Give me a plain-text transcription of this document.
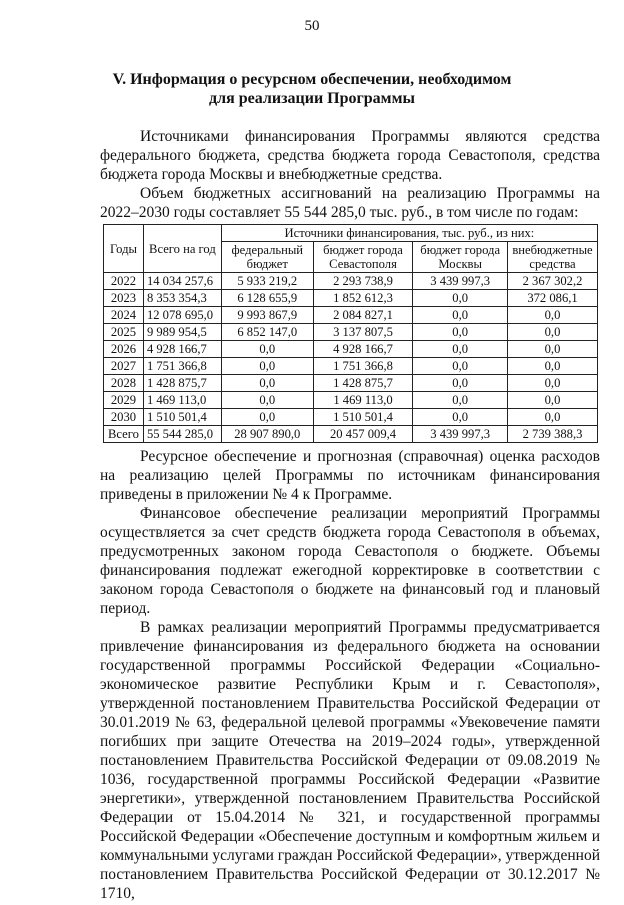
50
V. Информация о ресурсном обеспечении, необходимом
для реализации Программы

Источниками финансирования Программы являются средства федерального бюджета, средства бюджета города Севастополя, средства бюджета города Москвы и внебюджетные средства.

Объем бюджетных ассигнований на реализацию Программы на 2022–2030 годы составляет 55 544 285,0 тыс. руб., в том числе по годам:

Годы	Всего на год	Источники финансирования, тыс. руб., из них:			
		федеральный бюджет	бюджет города Севастополя	бюджет города Москвы	внебюджетные средства
2022	14 034 257,6	5 933 219,2	2 293 738,9	3 439 997,3	2 367 302,2
2023	8 353 354,3	6 128 655,9	1 852 612,3	0,0	372 086,1
2024	12 078 695,0	9 993 867,9	2 084 827,1	0,0	0,0
2025	9 989 954,5	6 852 147,0	3 137 807,5	0,0	0,0
2026	4 928 166,7	0,0	4 928 166,7	0,0	0,0
2027	1 751 366,8	0,0	1 751 366,8	0,0	0,0
2028	1 428 875,7	0,0	1 428 875,7	0,0	0,0
2029	1 469 113,0	0,0	1 469 113,0	0,0	0,0
2030	1 510 501,4	0,0	1 510 501,4	0,0	0,0
Всего	55 544 285,0	28 907 890,0	20 457 009,4	3 439 997,3	2 739 388,3

Ресурсное обеспечение и прогнозная (справочная) оценка расходов на реализацию целей Программы по источникам финансирования приведены в приложении № 4 к Программе.

Финансовое обеспечение реализации мероприятий Программы осуществляется за счет средств бюджета города Севастополя в объемах, предусмотренных законом города Севастополя о бюджете. Объемы финансирования подлежат ежегодной корректировке в соответствии с законом города Севастополя о бюджете на финансовый год и плановый период.

В рамках реализации мероприятий Программы предусматривается привлечение финансирования из федерального бюджета на основании государственной программы Российской Федерации «Социально-экономическое развитие Республики Крым и г. Севастополя», утвержденной постановлением Правительства Российской Федерации от 30.01.2019 № 63, федеральной целевой программы «Увековечение памяти погибших при защите Отечества на 2019–2024 годы», утвержденной постановлением Правительства Российской Федерации от 09.08.2019 № 1036, государственной программы Российской Федерации «Развитие энергетики», утвержденной постановлением Правительства Российской Федерации от 15.04.2014 № 321, и государственной программы Российской Федерации «Обеспечение доступным и комфортным жильем и коммунальными услугами граждан Российской Федерации», утвержденной постановлением Правительства Российской Федерации от 30.12.2017 № 1710,
